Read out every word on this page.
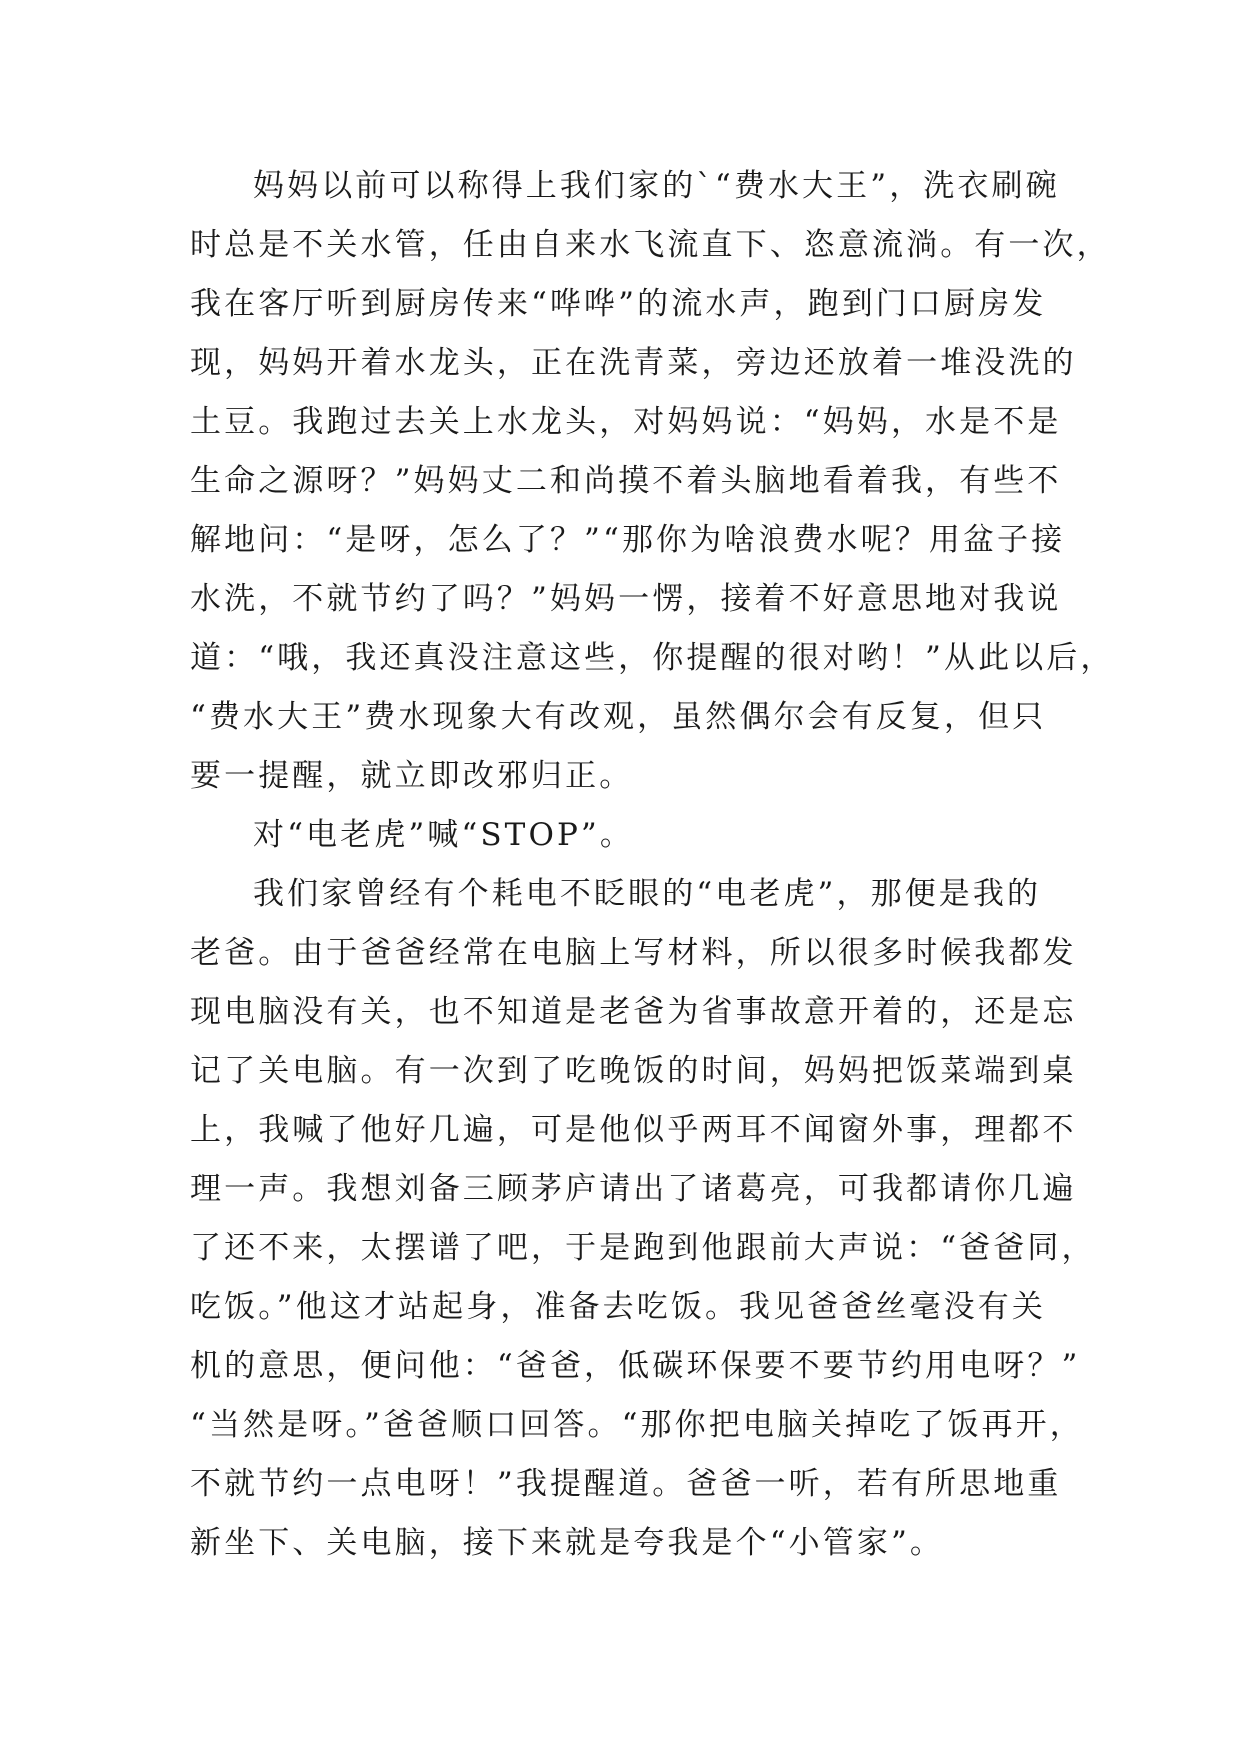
妈妈以前可以称得上我们家的`“费水大王”，洗衣刷碗
时总是不关水管，任由自来水飞流直下、恣意流淌。有一次，
我在客厅听到厨房传来“哗哗”的流水声，跑到门口厨房发
现，妈妈开着水龙头，正在洗青菜，旁边还放着一堆没洗的
土豆。我跑过去关上水龙头，对妈妈说：“妈妈，水是不是
生命之源呀？”妈妈丈二和尚摸不着头脑地看着我，有些不
解地问：“是呀，怎么了？”“那你为啥浪费水呢？用盆子接
水洗，不就节约了吗？”妈妈一愣，接着不好意思地对我说
道：“哦，我还真没注意这些，你提醒的很对哟！”从此以后，
“费水大王”费水现象大有改观，虽然偶尔会有反复，但只
要一提醒，就立即改邪归正。
对“电老虎”喊“STOP”。
我们家曾经有个耗电不眨眼的“电老虎”，那便是我的
老爸。由于爸爸经常在电脑上写材料，所以很多时候我都发
现电脑没有关，也不知道是老爸为省事故意开着的，还是忘
记了关电脑。有一次到了吃晚饭的时间，妈妈把饭菜端到桌
上，我喊了他好几遍，可是他似乎两耳不闻窗外事，理都不
理一声。我想刘备三顾茅庐请出了诸葛亮，可我都请你几遍
了还不来，太摆谱了吧，于是跑到他跟前大声说：“爸爸同，
吃饭。”他这才站起身，准备去吃饭。我见爸爸丝毫没有关
机的意思，便问他：“爸爸，低碳环保要不要节约用电呀？”
“当然是呀。”爸爸顺口回答。“那你把电脑关掉吃了饭再开，
不就节约一点电呀！”我提醒道。爸爸一听，若有所思地重
新坐下、关电脑，接下来就是夸我是个“小管家”。
